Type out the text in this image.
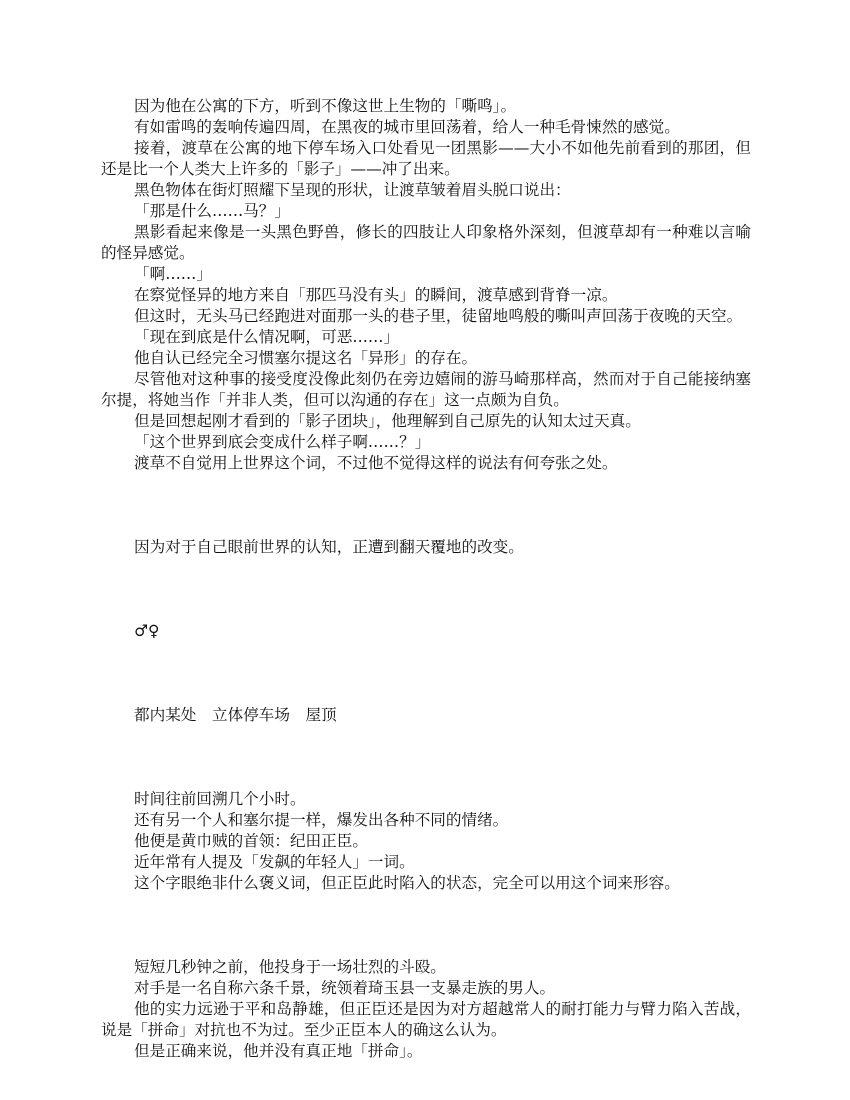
因为他在公寓的下方，听到不像这世上生物的「嘶鸣」。

有如雷鸣的轰响传遍四周，在黑夜的城市里回荡着，给人一种毛骨悚然的感觉。

接着，渡草在公寓的地下停车场入口处看见一团黑影——大小不如他先前看到的那团，但还是比一个人类大上许多的「影子」——冲了出来。

黑色物体在街灯照耀下呈现的形状，让渡草皱着眉头脱口说出：

「那是什么……马？」

黑影看起来像是一头黑色野兽，修长的四肢让人印象格外深刻，但渡草却有一种难以言喻的怪异感觉。

「啊……」

在察觉怪异的地方来自「那匹马没有头」的瞬间，渡草感到背脊一凉。

但这时，无头马已经跑进对面那一头的巷子里，徒留地鸣般的嘶叫声回荡于夜晚的天空。

「现在到底是什么情况啊，可恶……」

他自认已经完全习惯塞尔提这名「异形」的存在。

尽管他对这种事的接受度没像此刻仍在旁边嬉闹的游马崎那样高，然而对于自己能接纳塞尔提，将她当作「并非人类，但可以沟通的存在」这一点颇为自负。

但是回想起刚才看到的「影子团块」，他理解到自己原先的认知太过天真。

「这个世界到底会变成什么样子啊……？」

渡草不自觉用上世界这个词，不过他不觉得这样的说法有何夸张之处。

因为对于自己眼前世界的认知，正遭到翻天覆地的改变。

♂♀

都内某处　立体停车场　屋顶

时间往前回溯几个小时。

还有另一个人和塞尔提一样，爆发出各种不同的情绪。

他便是黄巾贼的首领：纪田正臣。

近年常有人提及「发飙的年轻人」一词。

这个字眼绝非什么褒义词，但正臣此时陷入的状态，完全可以用这个词来形容。

短短几秒钟之前，他投身于一场壮烈的斗殴。

对手是一名自称六条千景，统领着琦玉县一支暴走族的男人。

他的实力远逊于平和岛静雄，但正臣还是因为对方超越常人的耐打能力与臂力陷入苦战，说是「拼命」对抗也不为过。至少正臣本人的确这么认为。

但是正确来说，他并没有真正地「拼命」。
